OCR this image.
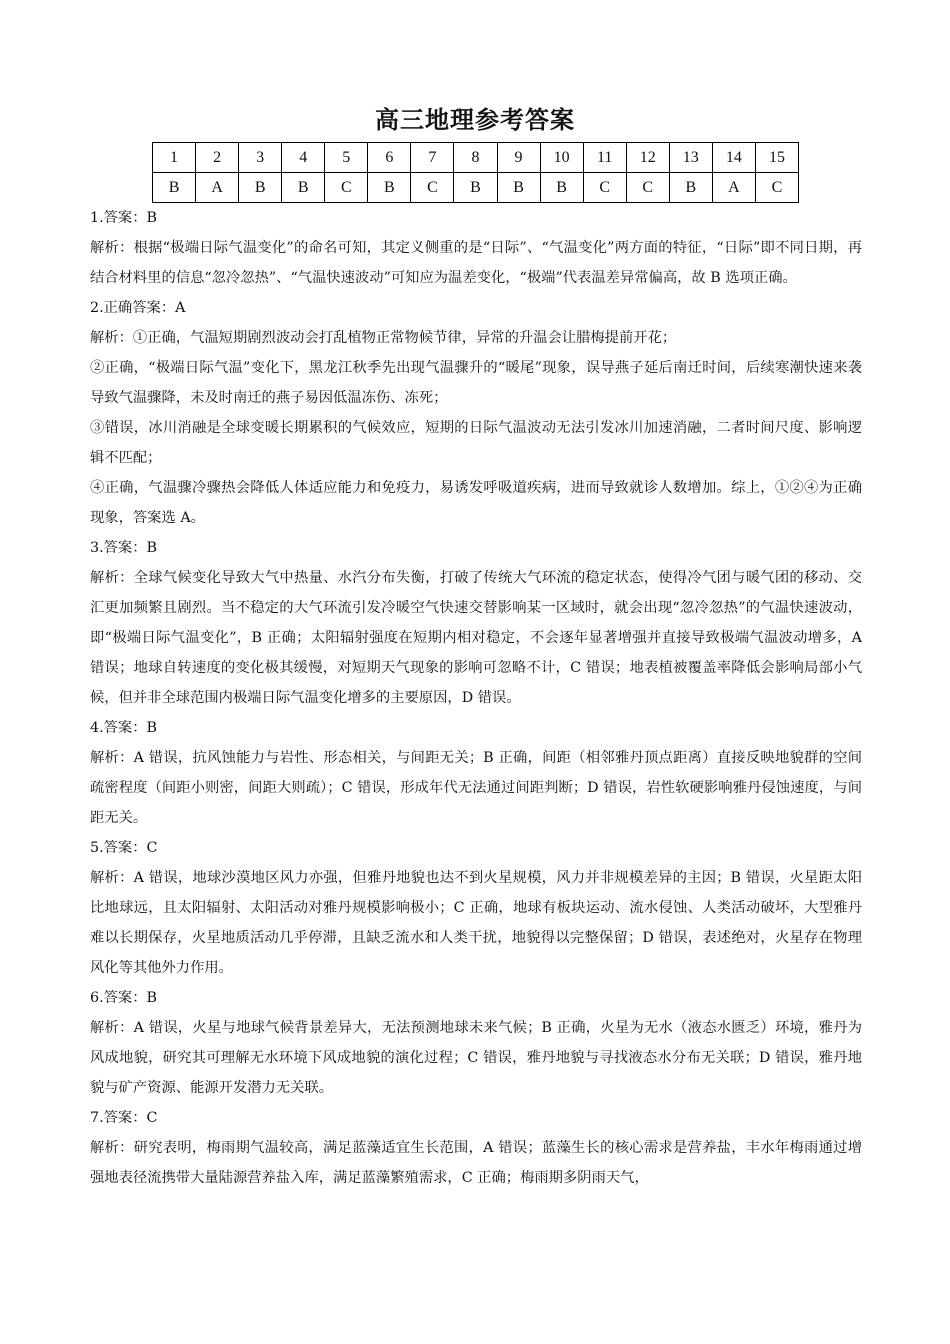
高三地理参考答案
1	2	3	4	5	6	7	8	9	10	11	12	13	14	15
B	A	B	B	C	B	C	B	B	B	C	C	B	A	C

1.答案：B

解析：根据“极端日际气温变化”的命名可知，其定义侧重的是“日际”、“气温变化”两方面的特征，“日际”即不同日期，再结合材料里的信息“忽冷忽热”、“气温快速波动”可知应为温差变化，“极端”代表温差异常偏高，故 B 选项正确。

2.正确答案：A

解析：①正确，气温短期剧烈波动会打乱植物正常物候节律，异常的升温会让腊梅提前开花；

②正确，“极端日际气温”变化下，黑龙江秋季先出现气温骤升的“暖尾”现象，误导燕子延后南迁时间，后续寒潮快速来袭导致气温骤降，未及时南迁的燕子易因低温冻伤、冻死；

③错误，冰川消融是全球变暖长期累积的气候效应，短期的日际气温波动无法引发冰川加速消融，二者时间尺度、影响逻辑不匹配；

④正确，气温骤冷骤热会降低人体适应能力和免疫力，易诱发呼吸道疾病，进而导致就诊人数增加。综上，①②④为正确现象，答案选 A。

3.答案：B

解析：全球气候变化导致大气中热量、水汽分布失衡，打破了传统大气环流的稳定状态，使得冷气团与暖气团的移动、交汇更加频繁且剧烈。当不稳定的大气环流引发冷暖空气快速交替影响某一区域时，就会出现“忽冷忽热”的气温快速波动，即“极端日际气温变化”，B 正确；太阳辐射强度在短期内相对稳定，不会逐年显著增强并直接导致极端气温波动增多，A 错误；地球自转速度的变化极其缓慢，对短期天气现象的影响可忽略不计，C 错误；地表植被覆盖率降低会影响局部小气候，但并非全球范围内极端日际气温变化增多的主要原因，D 错误。

4.答案：B

解析：A 错误，抗风蚀能力与岩性、形态相关，与间距无关；B 正确，间距（相邻雅丹顶点距离）直接反映地貌群的空间疏密程度（间距小则密，间距大则疏）；C 错误，形成年代无法通过间距判断；D 错误，岩性软硬影响雅丹侵蚀速度，与间距无关。

5.答案：C

解析：A 错误，地球沙漠地区风力亦强，但雅丹地貌也达不到火星规模，风力并非规模差异的主因；B 错误，火星距太阳比地球远，且太阳辐射、太阳活动对雅丹规模影响极小；C 正确，地球有板块运动、流水侵蚀、人类活动破坏，大型雅丹难以长期保存，火星地质活动几乎停滞，且缺乏流水和人类干扰，地貌得以完整保留；D 错误，表述绝对，火星存在物理风化等其他外力作用。

6.答案：B

解析：A 错误，火星与地球气候背景差异大，无法预测地球未来气候；B 正确，火星为无水（液态水匮乏）环境，雅丹为风成地貌，研究其可理解无水环境下风成地貌的演化过程；C 错误，雅丹地貌与寻找液态水分布无关联；D 错误，雅丹地貌与矿产资源、能源开发潜力无关联。

7.答案：C

解析：研究表明，梅雨期气温较高，满足蓝藻适宜生长范围，A 错误；蓝藻生长的核心需求是营养盐，丰水年梅雨通过增强地表径流携带大量陆源营养盐入库，满足蓝藻繁殖需求，C 正确；梅雨期多阴雨天气，
